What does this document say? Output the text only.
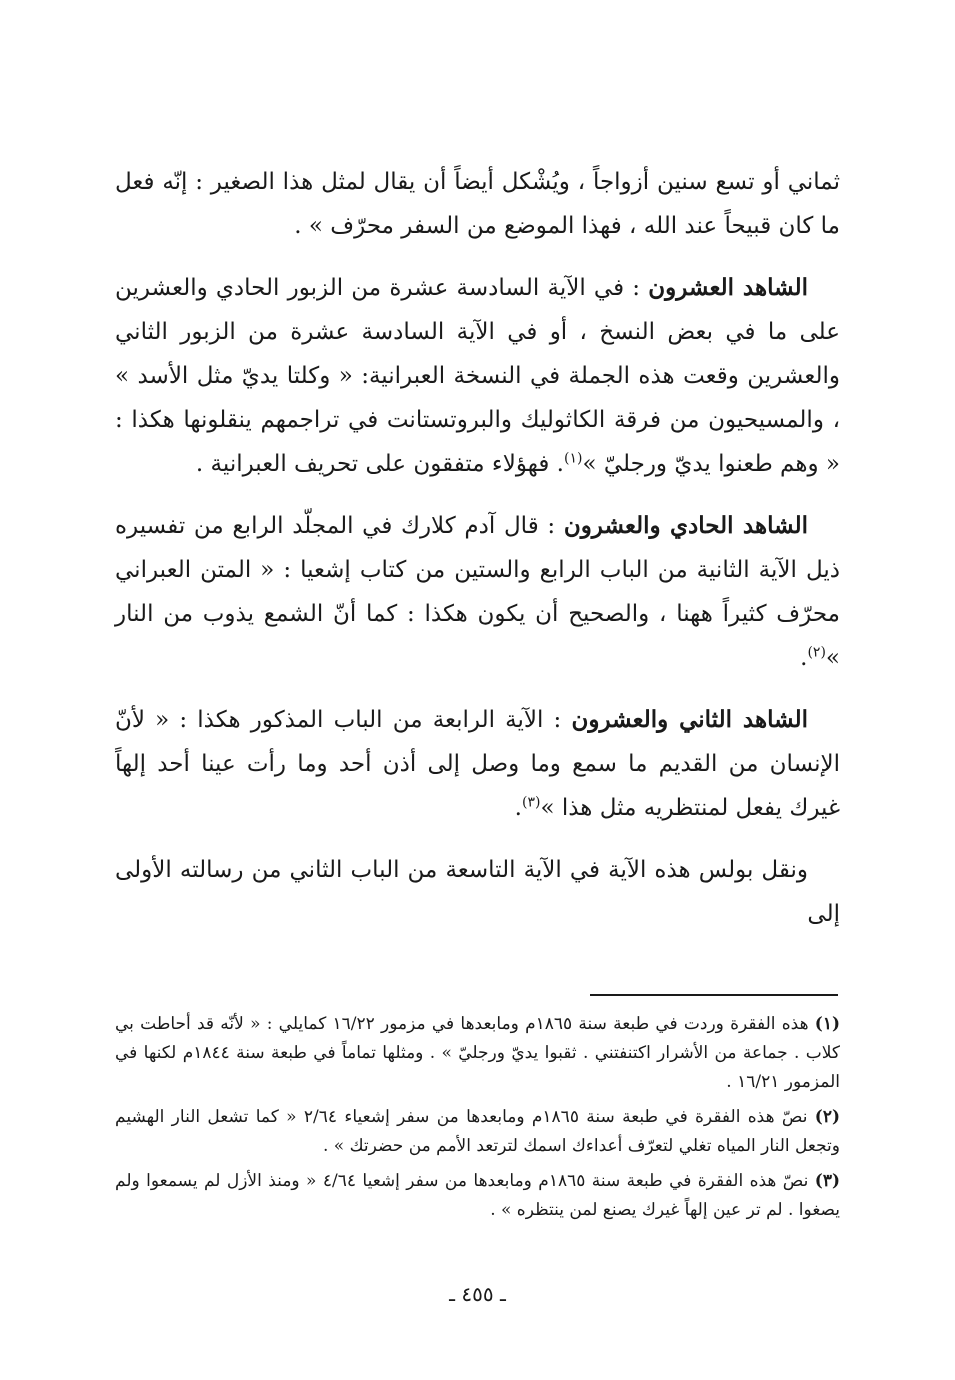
ثماني أو تسع سنين أزواجاً ، ويُشْكل أيضاً أن يقال لمثل هذا الصغير : إنّه فعل ما كان قبيحاً عند الله ، فهذا الموضع من السفر محرّف » .

الشاهد العشرون : في الآية السادسة عشرة من الزبور الحادي والعشرين على ما في بعض النسخ ، أو في الآية السادسة عشرة من الزبور الثاني والعشرين وقعت هذه الجملة في النسخة العبرانية: « وكلتا يديّ مثل الأسد » ، والمسيحيون من فرقة الكاثوليك والبروتستانت في تراجمهم ينقلونها هكذا : « وهم طعنوا يديّ ورجليّ »$^{(١)}$. فهؤلاء متفقون على تحريف العبرانية .

الشاهد الحادي والعشرون : قال آدم كلارك في المجلّد الرابع من تفسيره ذيل الآية الثانية من الباب الرابع والستين من كتاب إشعيا : « المتن العبراني محرّف كثيراً ههنا ، والصحيح أن يكون هكذا : كما أنّ الشمع يذوب من النار »$^{(٢)}$.

الشاهد الثاني والعشرون : الآية الرابعة من الباب المذكور هكذا : « لأنّ الإنسان من القديم ما سمع وما وصل إلى أذن أحد وما رأت عينا أحد إلهاً غيرك يفعل لمنتظريه مثل هذا »$^{(٣)}$.

ونقل بولس هذه الآية في الآية التاسعة من الباب الثاني من رسالته الأولى إلى

(١) هذه الفقرة وردت في طبعة سنة ١٨٦٥م ومابعدها في مزمور ١٦/٢٢ كمايلي : « لأنّه قد أحاطت بي كلاب . جماعة من الأشرار اكتنفتني . ثقبوا يديّ ورجليّ » . ومثلها تماماً في طبعة سنة ١٨٤٤م لكنها في المزمور ١٦/٢١ .

(٢) نصّ هذه الفقرة في طبعة سنة ١٨٦٥م ومابعدها من سفر إشعياء ٢/٦٤ « كما تشعل النار الهشيم وتجعل النار المياه تغلي لتعرّف أعداءك اسمك لترتعد الأمم من حضرتك » .

(٣) نصّ هذه الفقرة في طبعة سنة ١٨٦٥م ومابعدها من سفر إشعيا ٤/٦٤ « ومنذ الأزل لم يسمعوا ولم يصغوا . لم تر عين إلهاً غيرك يصنع لمن ينتظره » .

ـ ٤٥٥ ـ
